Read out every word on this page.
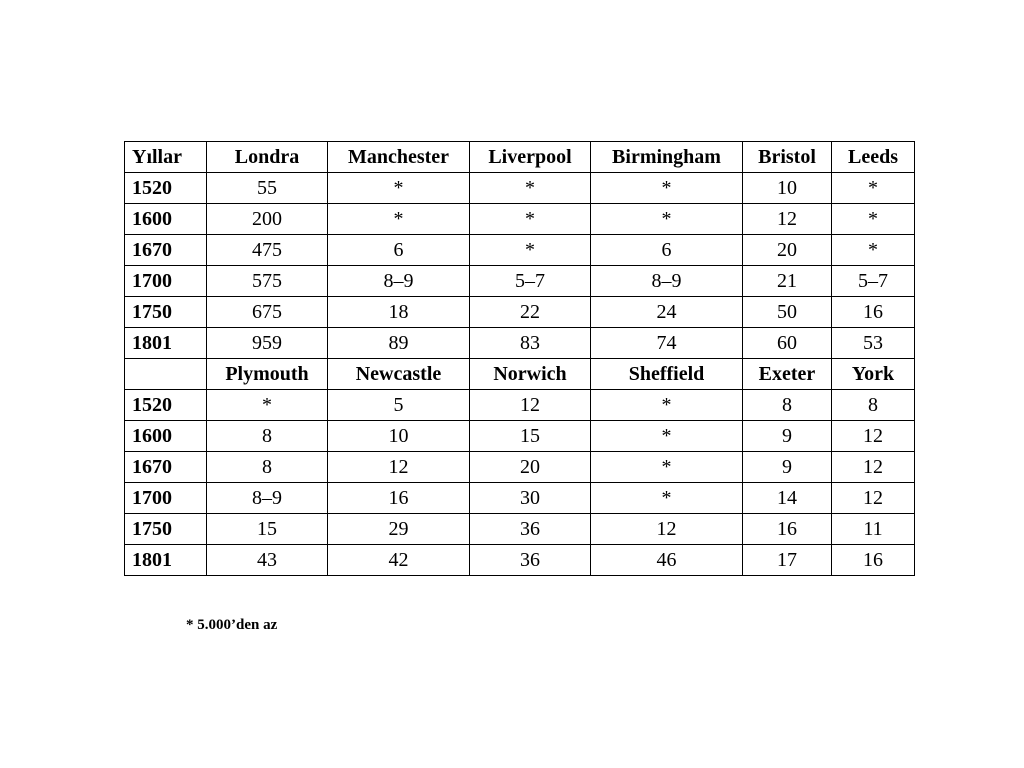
Yıllar	Londra	Manchester	Liverpool	Birmingham	Bristol	Leeds
1520	55	*	*	*	10	*
1600	200	*	*	*	12	*
1670	475	6	*	6	20	*
1700	575	8–9	5–7	8–9	21	5–7
1750	675	18	22	24	50	16
1801	959	89	83	74	60	53
	Plymouth	Newcastle	Norwich	Sheffield	Exeter	York
1520	*	5	12	*	8	8
1600	8	10	15	*	9	12
1670	8	12	20	*	9	12
1700	8–9	16	30	*	14	12
1750	15	29	36	12	16	11
1801	43	42	36	46	17	16
* 5.000’den az
